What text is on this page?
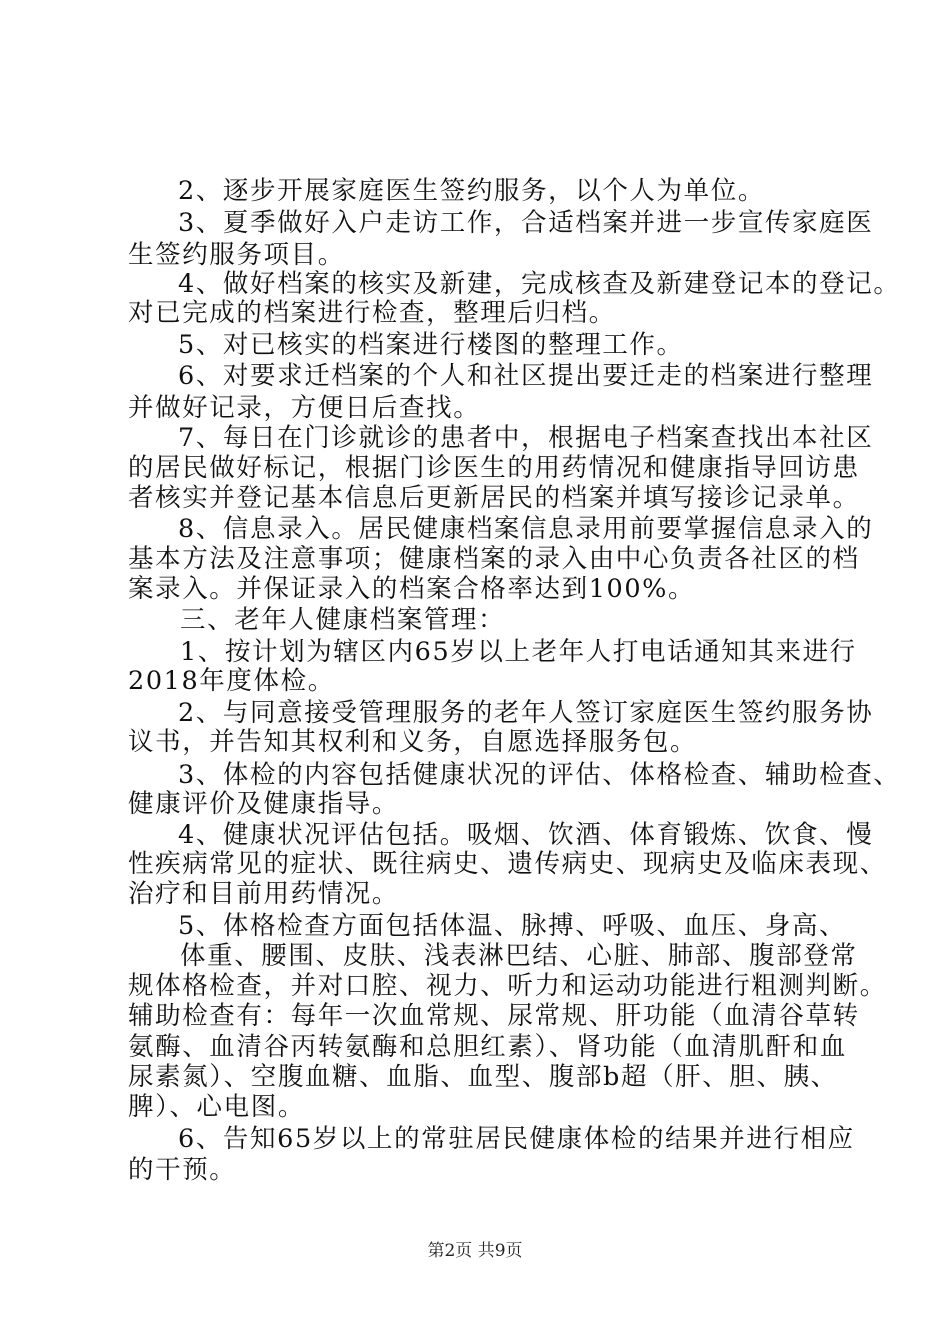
2、逐步开展家庭医生签约服务，以个人为单位。
3、夏季做好入户走访工作，合适档案并进一步宣传家庭医
生签约服务项目。
4、做好档案的核实及新建，完成核查及新建登记本的登记。
对已完成的档案进行检查，整理后归档。
5、对已核实的档案进行楼图的整理工作。
6、对要求迁档案的个人和社区提出要迁走的档案进行整理
并做好记录，方便日后查找。
7、每日在门诊就诊的患者中，根据电子档案查找出本社区
的居民做好标记，根据门诊医生的用药情况和健康指导回访患
者核实并登记基本信息后更新居民的档案并填写接诊记录单。
8、信息录入。居民健康档案信息录用前要掌握信息录入的
基本方法及注意事项；健康档案的录入由中心负责各社区的档
案录入。并保证录入的档案合格率达到100%。
三、老年人健康档案管理：
1、按计划为辖区内65岁以上老年人打电话通知其来进行
2018年度体检。
2、与同意接受管理服务的老年人签订家庭医生签约服务协
议书，并告知其权利和义务，自愿选择服务包。
3、体检的内容包括健康状况的评估、体格检查、辅助检查、
健康评价及健康指导。
4、健康状况评估包括。吸烟、饮酒、体育锻炼、饮食、慢
性疾病常见的症状、既往病史、遗传病史、现病史及临床表现、
治疗和目前用药情况。
5、体格检查方面包括体温、脉搏、呼吸、血压、身高、
体重、腰围、皮肤、浅表淋巴结、心脏、肺部、腹部登常
规体格检查，并对口腔、视力、听力和运动功能进行粗测判断。
辅助检查有：每年一次血常规、尿常规、肝功能（血清谷草转
氨酶、血清谷丙转氨酶和总胆红素）、肾功能（血清肌酐和血
尿素氮）、空腹血糖、血脂、血型、腹部b超（肝、胆、胰、
脾）、心电图。
6、告知65岁以上的常驻居民健康体检的结果并进行相应
的干预。
第2页 共9页
